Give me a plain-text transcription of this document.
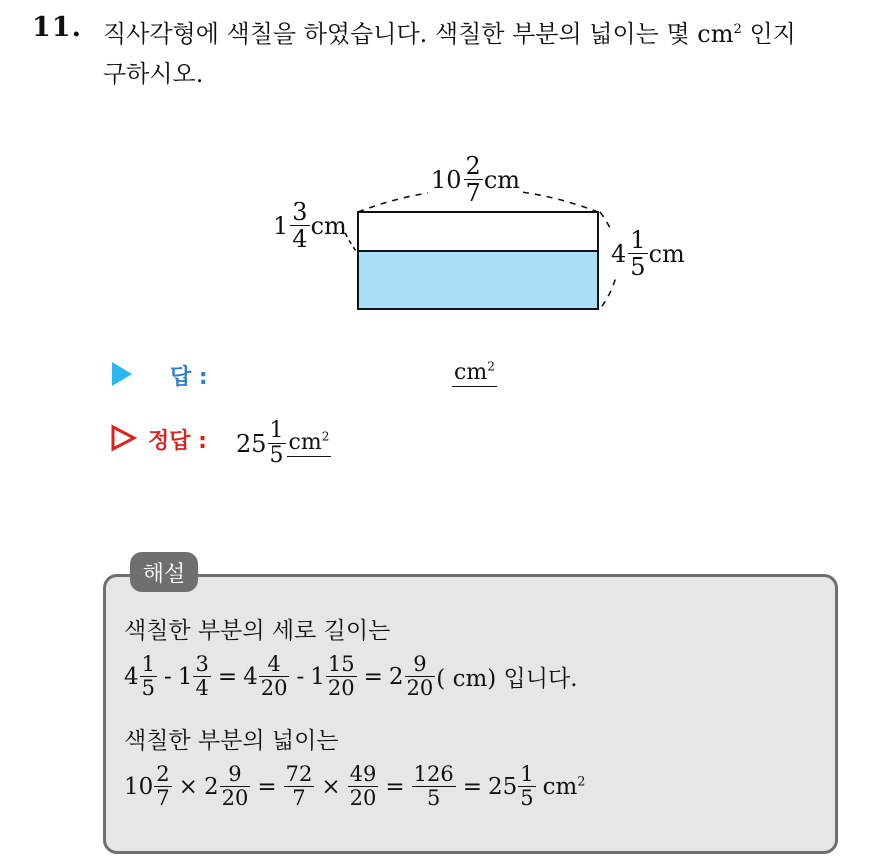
11. 직사각형에 색칠을 하였습니다. 색칠한 부분의 넓이는 몇 $cm^2$ 인지
구하시오.
$10 \frac{2}{7}$ cm
$1 \frac{3}{4}$ cm
$4 \frac{1}{5}$ cm
답 :	$cm^2$
정답 : $25 \frac{1}{5} cm^2$
해설
색칠한 부분의 세로 길이는
$4 \frac{1}{5} - 1 \frac{3}{4} = 4 \frac{4}{20} - 1 \frac{15}{20} = 2 \frac{9}{20}$ ( cm) 입니다.
색칠한 부분의 넓이는
$10 \frac{2}{7} \times 2 \frac{9}{20} = \frac{72}{7} \times \frac{49}{20} = \frac{126}{5} = 25 \frac{1}{5} cm^2$
